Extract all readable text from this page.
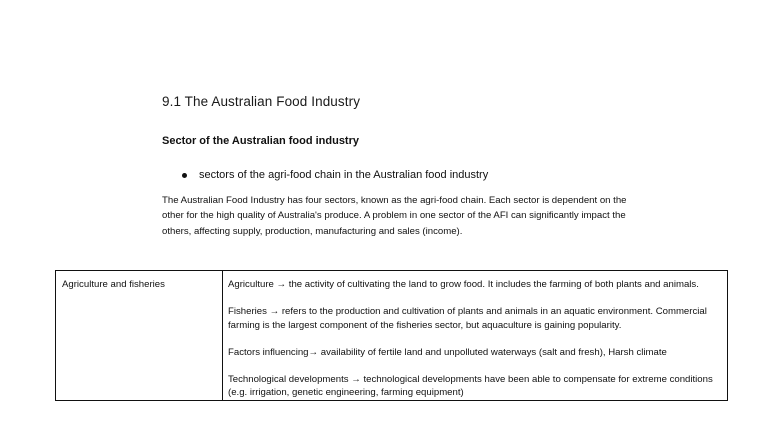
9.1 The Australian Food Industry
Sector of the Australian food industry
sectors of the agri-food chain in the Australian food industry
The Australian Food Industry has four sectors, known as the agri-food chain. Each sector is dependent on the other for the high quality of Australia's produce. A problem in one sector of the AFI can significantly impact the others, affecting supply, production, manufacturing and sales (income).
Agriculture and fisheries	Agriculture → the activity of cultivating the land to grow food. It includes the farming of both plants and animals.
Fisheries → refers to the production and cultivation of plants and animals in an aquatic environment. Commercial farming is the largest component of the fisheries sector, but aquaculture is gaining popularity.
Factors influencing→ availability of fertile land and unpolluted waterways (salt and fresh), Harsh climate
Technological developments → technological developments have been able to compensate for extreme conditions (e.g. irrigation, genetic engineering, farming equipment)
